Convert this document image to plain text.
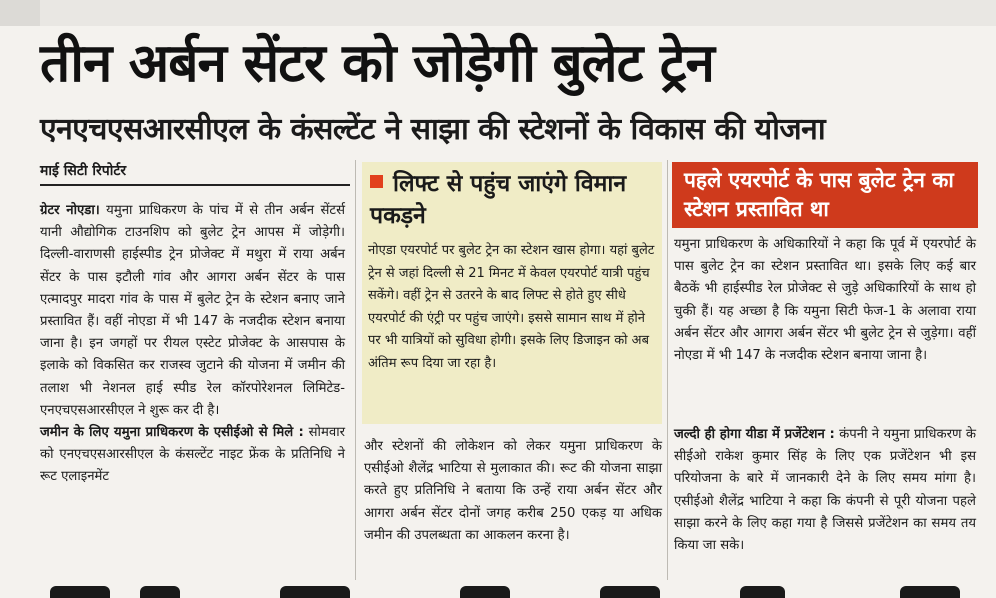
तीन अर्बन सेंटर को जोड़ेगी बुलेट ट्रेन
एनएचएसआरसीएल के कंसल्टेंट ने साझा की स्टेशनों के विकास की योजना
माई सिटी रिपोर्टर

ग्रेटर नोएडा। यमुना प्राधिकरण के पांच में से तीन अर्बन सेंटर्स यानी औद्योगिक टाउनशिप को बुलेट ट्रेन आपस में जोड़ेगी। दिल्ली-वाराणसी हाईस्पीड ट्रेन प्रोजेक्ट में मथुरा में राया अर्बन सेंटर के पास इटौली गांव और आगरा अर्बन सेंटर के पास एत्मादपुर मादरा गांव के पास में बुलेट ट्रेन के स्टेशन बनाए जाने प्रस्तावित हैं। वहीं नोएडा में भी 147 के नजदीक स्टेशन बनाया जाना है। इन जगहों पर रीयल एस्टेट प्रोजेक्ट के आसपास के इलाके को विकसित कर राजस्व जुटाने की योजना में जमीन की तलाश भी नेशनल हाई स्पीड रेल कॉरपोरेशनल लिमिटेड-एनएचएसआरसीएल ने शुरू कर दी है।

जमीन के लिए यमुना प्राधिकरण के एसीईओ से मिले : सोमवार को एनएचएसआरसीएल के कंसल्टेंट नाइट फ्रेंक के प्रतिनिधि ने रूट एलाइनमेंट

लिफ्ट से पहुंच जाएंगे विमान पकड़ने
नोएडा एयरपोर्ट पर बुलेट ट्रेन का स्टेशन खास होगा। यहां बुलेट ट्रेन से जहां दिल्ली से 21 मिनट में केवल एयरपोर्ट यात्री पहुंच सकेंगे। वहीं ट्रेन से उतरने के बाद लिफ्ट से होते हुए सीधे एयरपोर्ट की एंट्री पर पहुंच जाएंगे। इससे सामान साथ में होने पर भी यात्रियों को सुविधा होगी। इसके लिए डिजाइन को अब अंतिम रूप दिया जा रहा है।

और स्टेशनों की लोकेशन को लेकर यमुना प्राधिकरण के एसीईओ शैलेंद्र भाटिया से मुलाकात की। रूट की योजना साझा करते हुए प्रतिनिधि ने बताया कि उन्हें राया अर्बन सेंटर और आगरा अर्बन सेंटर दोनों जगह करीब 250 एकड़ या अधिक जमीन की उपलब्धता का आकलन करना है।

पहले एयरपोर्ट के पास बुलेट ट्रेन का स्टेशन प्रस्तावित था

यमुना प्राधिकरण के अधिकारियों ने कहा कि पूर्व में एयरपोर्ट के पास बुलेट ट्रेन का स्टेशन प्रस्तावित था। इसके लिए कई बार बैठकें भी हाईस्पीड रेल प्रोजेक्ट से जुड़े अधिकारियों के साथ हो चुकी हैं। यह अच्छा है कि यमुना सिटी फेज-1 के अलावा राया अर्बन सेंटर और आगरा अर्बन सेंटर भी बुलेट ट्रेन से जुड़ेगा। वहीं नोएडा में भी 147 के नजदीक स्टेशन बनाया जाना है।

जल्दी ही होगा यीडा में प्रजेंटेशन : कंपनी ने यमुना प्राधिकरण के सीईओ राकेश कुमार सिंह के लिए एक प्रजेंटेशन भी इस परियोजना के बारे में जानकारी देने के लिए समय मांगा है। एसीईओ शैलेंद्र भाटिया ने कहा कि कंपनी से पूरी योजना पहले साझा करने के लिए कहा गया है जिससे प्रजेंटेशन का समय तय किया जा सके।
